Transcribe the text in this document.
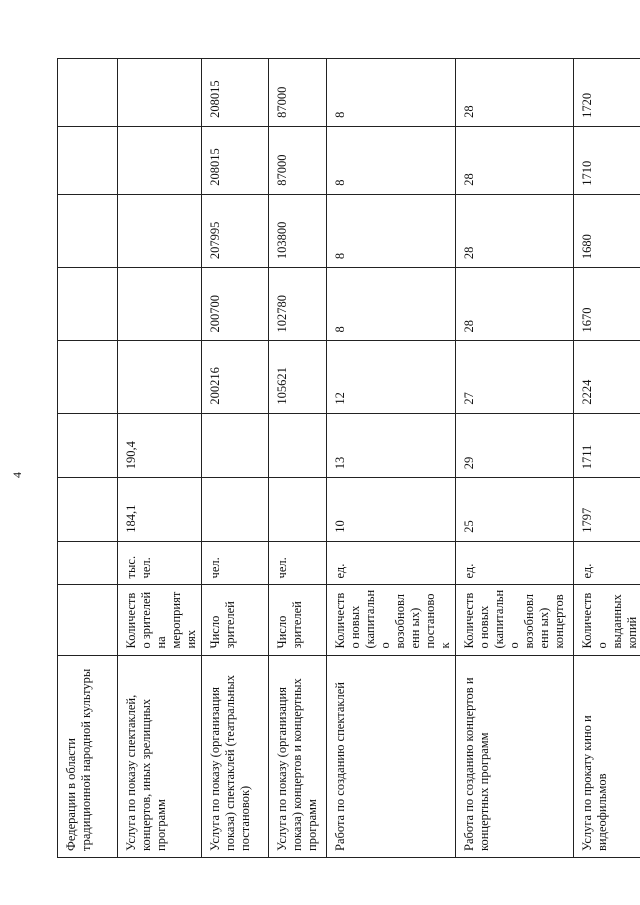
4
Федерации в области традиционной народной культуры									
Услуга по показу спектаклей, концертов, иных зрелищных программ	Количество зрителей на мероприятиях	тыс. чел.	184,1	190,4					
Услуга по показу (организация показа) спектаклей (театральных постановок)	Число зрителей	чел.			200216	200700	207995	208015	208015
Услуга по показу (организация показа) концертов и концертных программ	Число зрителей	чел.			105621	102780	103800	87000	87000
Работа по созданию спектаклей	Количество новых (капитально возобновленн ых) постановок	ед.	10	13	12	8	8	8	8
Работа по созданию концертов и концертных программ	Количество новых (капитально возобновленн ых) концертов	ед.	25	29	27	28	28	28	28
Услуга по прокату кино и видеофильмов	Количество выданных копий	ед.	1797	1711	2224	1670	1680	1710	1720
